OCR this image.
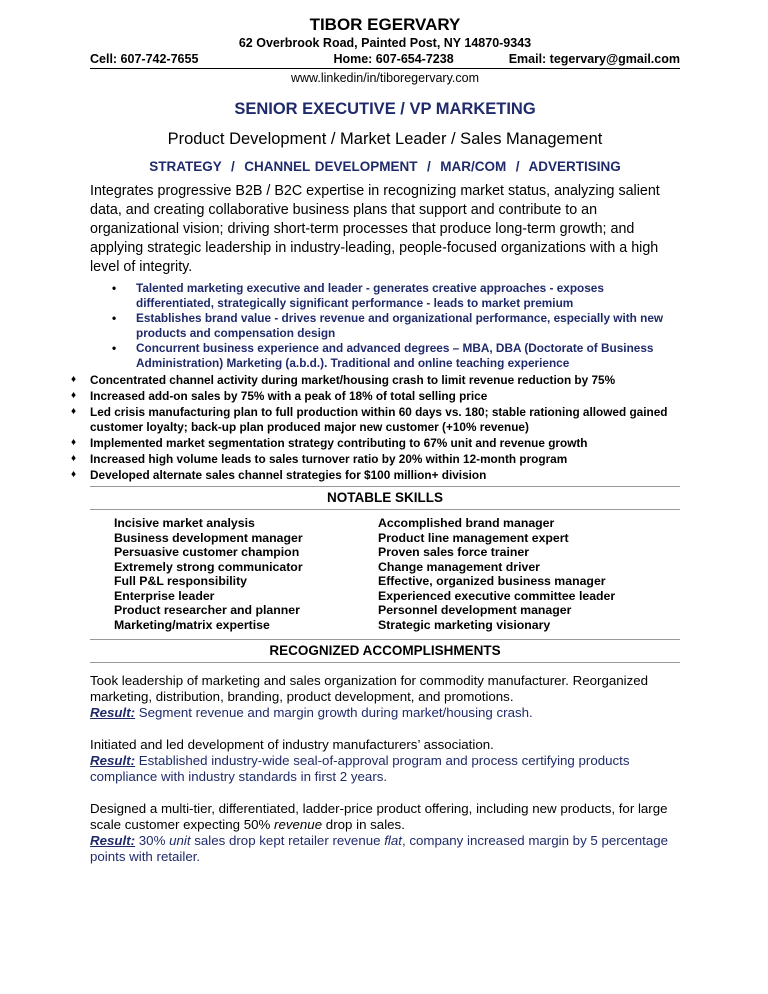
TIBOR EGERVARY
62 Overbrook Road, Painted Post, NY 14870-9343
Cell: 607-742-7655	Home: 607-654-7238	Email: tegervary@gmail.com
www.linkedin/in/tiboregervary.com
SENIOR EXECUTIVE / VP MARKETING
Product Development / Market Leader / Sales Management
STRATEGY  /  CHANNEL DEVELOPMENT  /  MAR/COM  /  ADVERTISING
Integrates progressive B2B / B2C expertise in recognizing market status, analyzing salient data, and creating collaborative business plans that support and contribute to an organizational vision; driving short-term processes that produce long-term growth; and applying strategic leadership in industry-leading, people-focused organizations with a high level of integrity.
• Talented marketing executive and leader - generates creative approaches - exposes differentiated, strategically significant performance - leads to market premium
• Establishes brand value - drives revenue and organizational performance, especially with new products and compensation design
• Concurrent business experience and advanced degrees – MBA, DBA (Doctorate of Business Administration) Marketing (a.b.d.). Traditional and online teaching experience
♦ Concentrated channel activity during market/housing crash to limit revenue reduction by 75%
♦ Increased add-on sales by 75% with a peak of 18% of total selling price
♦ Led crisis manufacturing plan to full production within 60 days vs. 180; stable rationing allowed gained customer loyalty; back-up plan produced major new customer (+10% revenue)
♦ Implemented market segmentation strategy contributing to 67% unit and revenue growth
♦ Increased high volume leads to sales turnover ratio by 20% within 12-month program
♦ Developed alternate sales channel strategies for $100 million+ division
NOTABLE SKILLS
Incisive market analysis
Business development manager
Persuasive customer champion
Extremely strong communicator
Full P&L responsibility
Enterprise leader
Product researcher and planner
Marketing/matrix expertise
Accomplished brand manager
Product line management expert
Proven sales force trainer
Change management driver
Effective, organized business manager
Experienced executive committee leader
Personnel development manager
Strategic marketing visionary
RECOGNIZED ACCOMPLISHMENTS
Took leadership of marketing and sales organization for commodity manufacturer. Reorganized marketing, distribution, branding, product development, and promotions.
Result: Segment revenue and margin growth during market/housing crash.
Initiated and led development of industry manufacturers’ association.
Result: Established industry-wide seal-of-approval program and process certifying products compliance with industry standards in first 2 years.
Designed a multi-tier, differentiated, ladder-price product offering, including new products, for large scale customer expecting 50% revenue drop in sales.
Result: 30% unit sales drop kept retailer revenue flat, company increased margin by 5 percentage points with retailer.
